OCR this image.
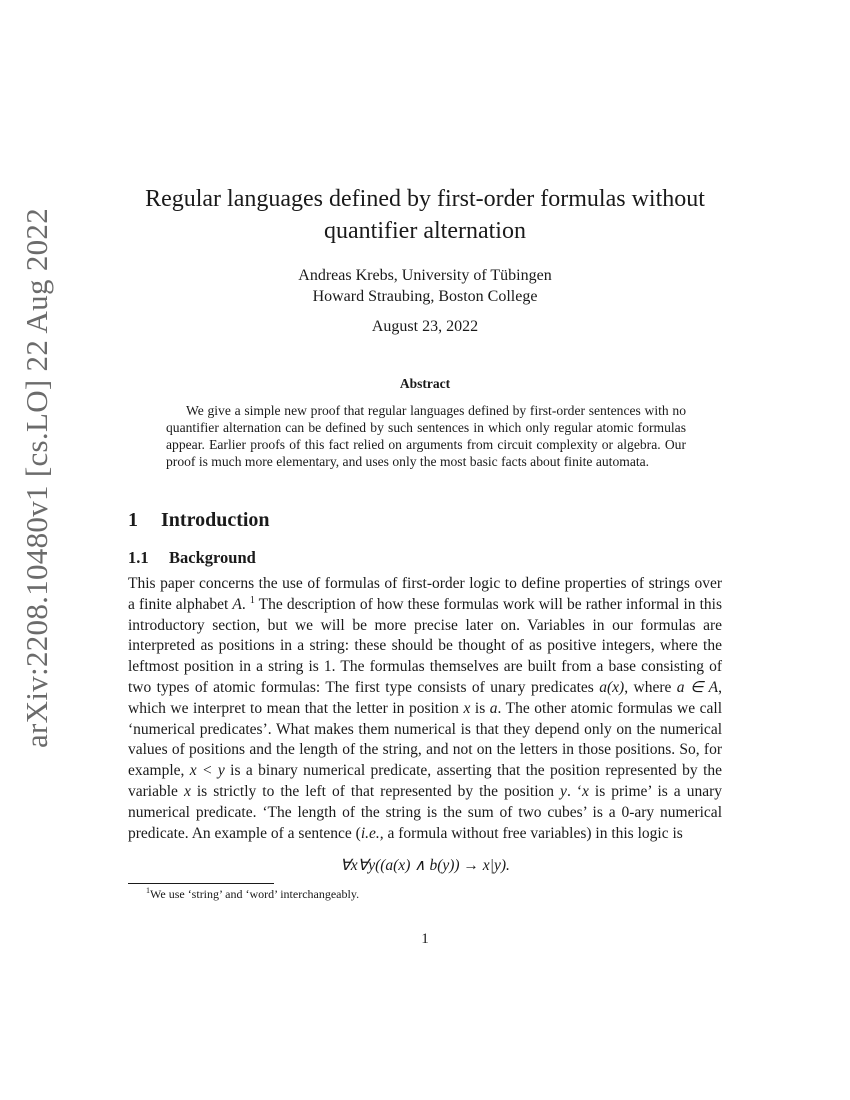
arXiv:2208.10480v1 [cs.LO] 22 Aug 2022
Regular languages defined by first-order formulas without quantifier alternation
Andreas Krebs, University of Tübingen
Howard Straubing, Boston College
August 23, 2022
Abstract

We give a simple new proof that regular languages defined by first-order sentences with no quantifier alternation can be defined by such sentences in which only regular atomic formulas appear. Earlier proofs of this fact relied on arguments from circuit complexity or algebra. Our proof is much more elementary, and uses only the most basic facts about finite automata.

1 Introduction
1.1 Background

This paper concerns the use of formulas of first-order logic to define properties of strings over a finite alphabet A. $^1$ The description of how these formulas work will be rather informal in this introductory section, but we will be more precise later on. Variables in our formulas are interpreted as positions in a string: these should be thought of as positive integers, where the leftmost position in a string is 1. The formulas themselves are built from a base consisting of two types of atomic formulas: The first type consists of unary predicates a(x), where a ∈ A, which we interpret to mean that the letter in position x is a. The other atomic formulas we call ‘numerical predicates’. What makes them numerical is that they depend only on the numerical values of positions and the length of the string, and not on the letters in those positions. So, for example, x < y is a binary numerical predicate, asserting that the position represented by the variable x is strictly to the left of that represented by the position y. ‘x is prime’ is a unary numerical predicate. ‘The length of the string is the sum of two cubes’ is a 0-ary numerical predicate. An example of a sentence (i.e., a formula without free variables) in this logic is

∀x∀y((a(x) ∧ b(y)) → x|y).
$^1$We use ‘string’ and ‘word’ interchangeably.
1
